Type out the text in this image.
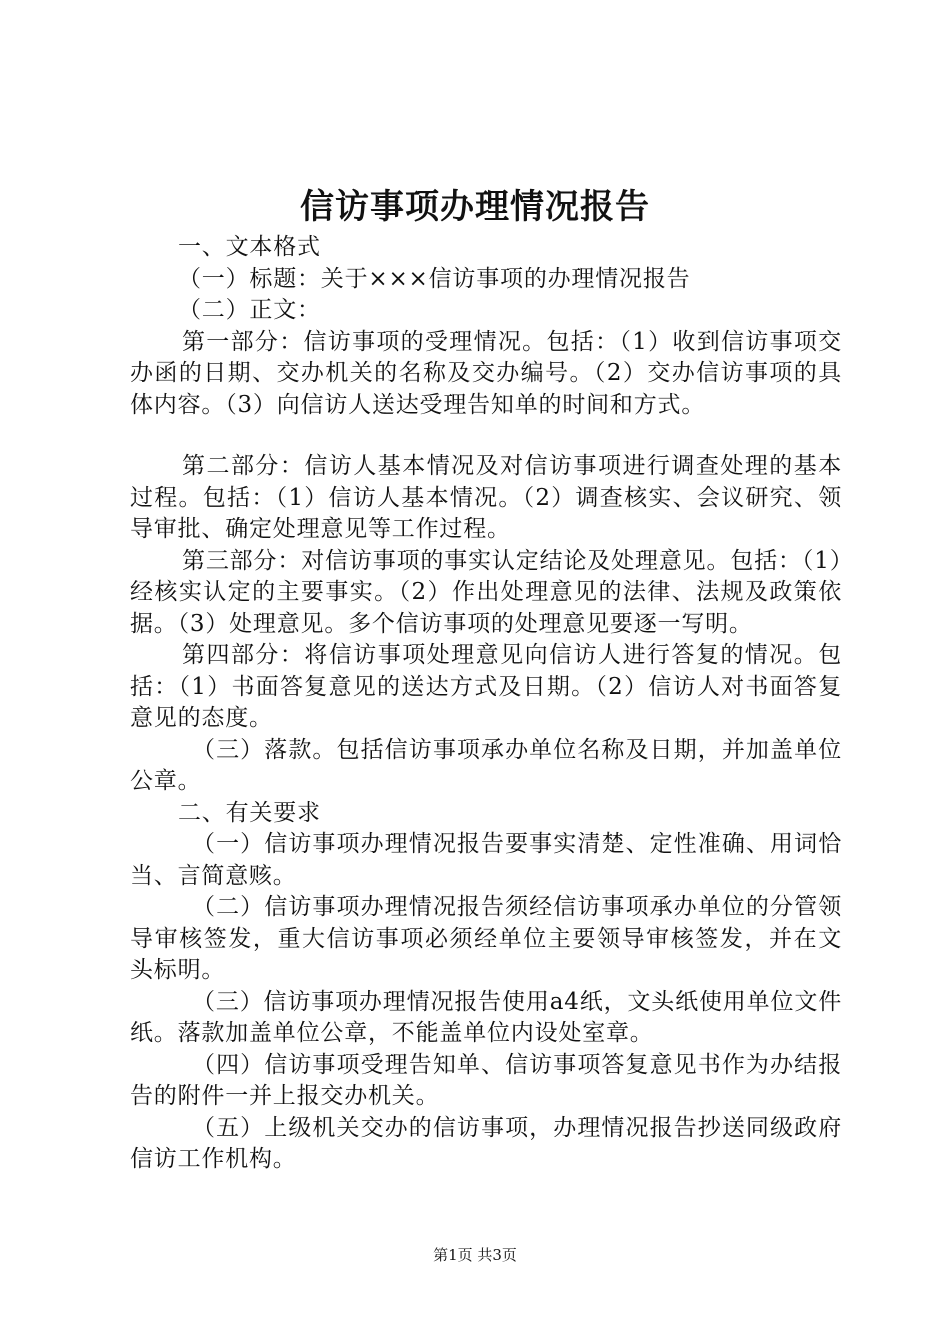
信访事项办理情况报告

一、文本格式

（一）标题：关于×××信访事项的办理情况报告

（二）正文：

第一部分：信访事项的受理情况。包括：（1）收到信访事项交办函的日期、交办机关的名称及交办编号。（2）交办信访事项的具体内容。（3）向信访人送达受理告知单的时间和方式。

第二部分：信访人基本情况及对信访事项进行调查处理的基本过程。包括：（1）信访人基本情况。（2）调查核实、会议研究、领导审批、确定处理意见等工作过程。

第三部分：对信访事项的事实认定结论及处理意见。包括：（1）经核实认定的主要事实。（2）作出处理意见的法律、法规及政策依据。（3）处理意见。多个信访事项的处理意见要逐一写明。

第四部分：将信访事项处理意见向信访人进行答复的情况。包括：（1）书面答复意见的送达方式及日期。（2）信访人对书面答复意见的态度。

（三）落款。包括信访事项承办单位名称及日期，并加盖单位公章。

二、有关要求

（一）信访事项办理情况报告要事实清楚、定性准确、用词恰当、言简意赅。

（二）信访事项办理情况报告须经信访事项承办单位的分管领导审核签发，重大信访事项必须经单位主要领导审核签发，并在文头标明。

（三）信访事项办理情况报告使用a4纸，文头纸使用单位文件纸。落款加盖单位公章，不能盖单位内设处室章。

（四）信访事项受理告知单、信访事项答复意见书作为办结报告的附件一并上报交办机关。

（五）上级机关交办的信访事项，办理情况报告抄送同级政府信访工作机构。

第1页 共3页
